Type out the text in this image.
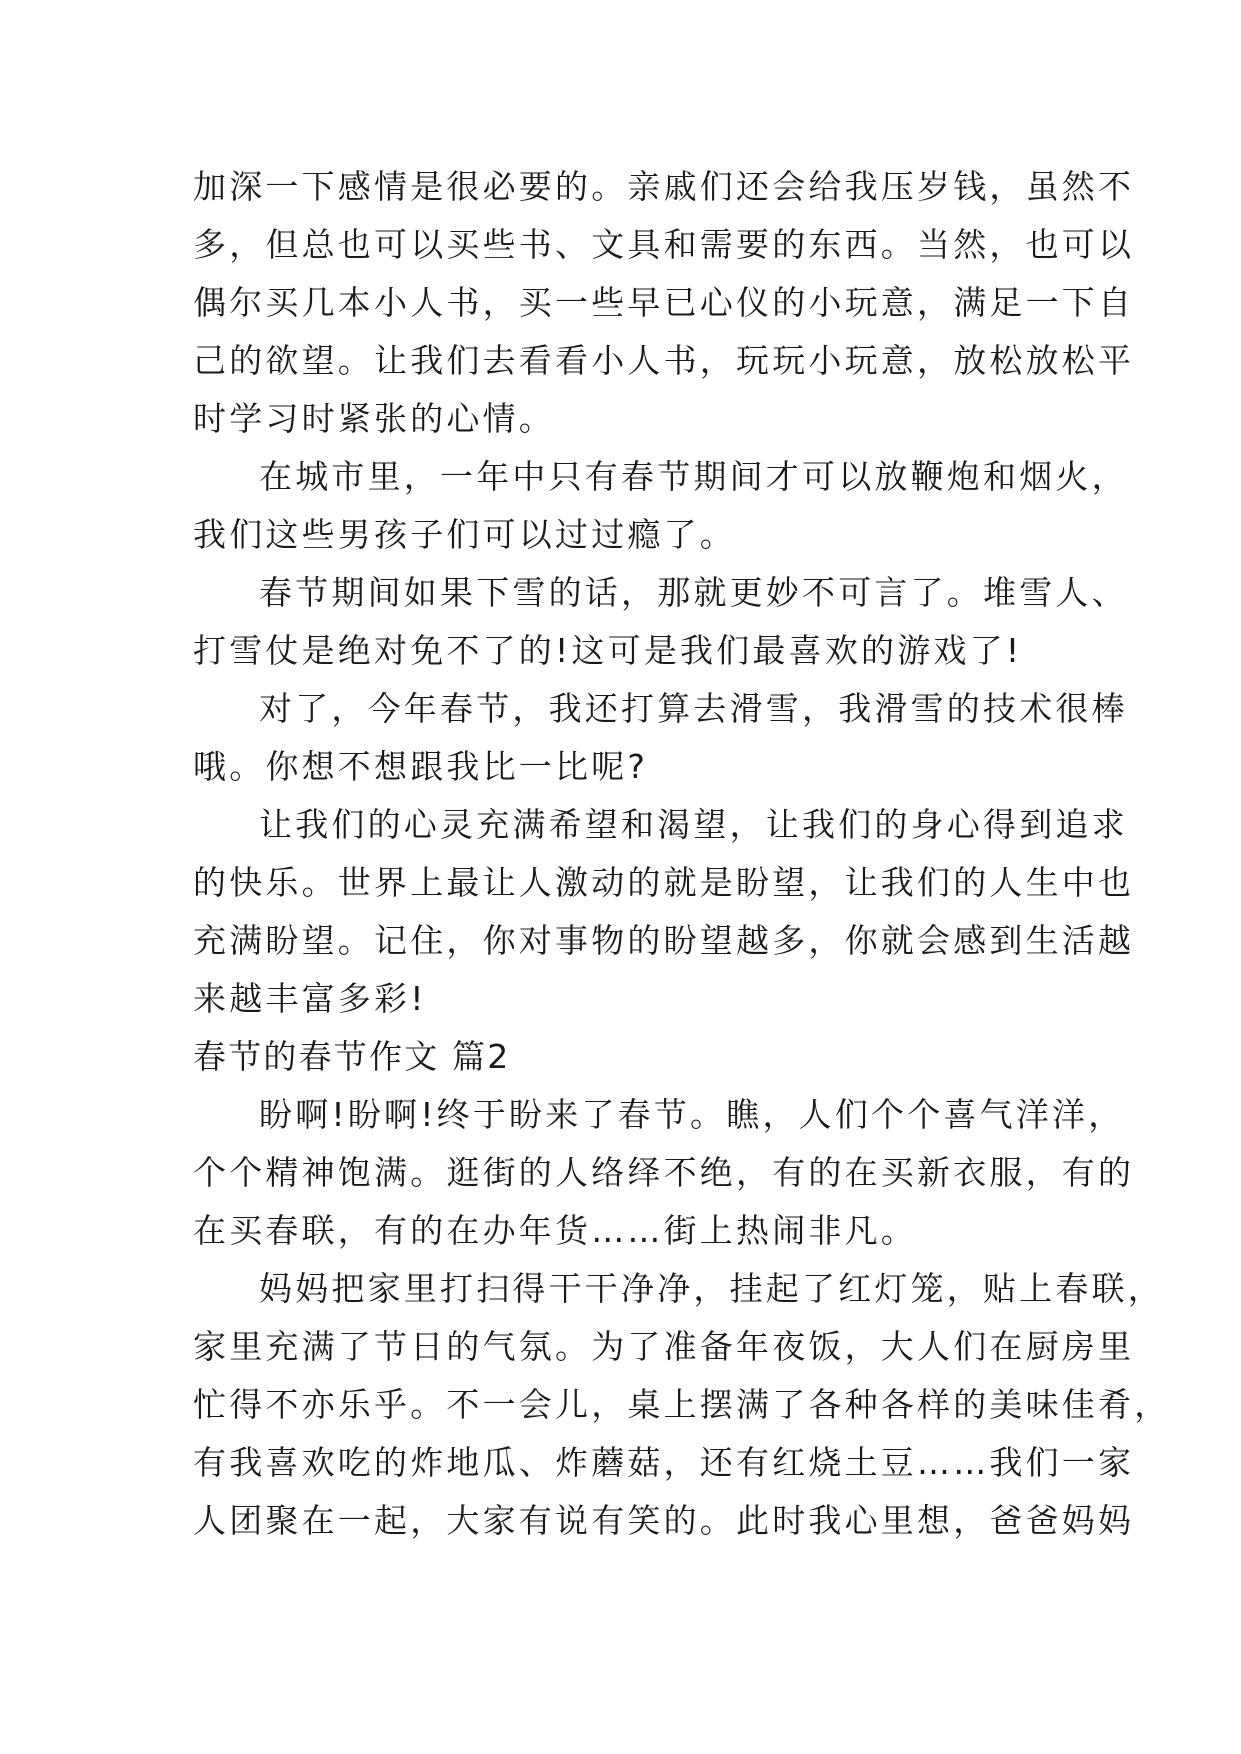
加深一下感情是很必要的。亲戚们还会给我压岁钱，虽然不
多，但总也可以买些书、文具和需要的东西。当然，也可以
偶尔买几本小人书，买一些早已心仪的小玩意，满足一下自
己的欲望。让我们去看看小人书，玩玩小玩意，放松放松平
时学习时紧张的心情。
在城市里，一年中只有春节期间才可以放鞭炮和烟火，
我们这些男孩子们可以过过瘾了。
春节期间如果下雪的话，那就更妙不可言了。堆雪人、
打雪仗是绝对免不了的!这可是我们最喜欢的游戏了!
对了，今年春节，我还打算去滑雪，我滑雪的技术很棒
哦。你想不想跟我比一比呢?
让我们的心灵充满希望和渴望，让我们的身心得到追求
的快乐。世界上最让人激动的就是盼望，让我们的人生中也
充满盼望。记住，你对事物的盼望越多，你就会感到生活越
来越丰富多彩!
春节的春节作文 篇2
盼啊!盼啊!终于盼来了春节。瞧，人们个个喜气洋洋，
个个精神饱满。逛街的人络绎不绝，有的在买新衣服，有的
在买春联，有的在办年货……街上热闹非凡。
妈妈把家里打扫得干干净净，挂起了红灯笼，贴上春联，
家里充满了节日的气氛。为了准备年夜饭，大人们在厨房里
忙得不亦乐乎。不一会儿，桌上摆满了各种各样的美味佳肴，
有我喜欢吃的炸地瓜、炸蘑菇，还有红烧土豆……我们一家
人团聚在一起，大家有说有笑的。此时我心里想，爸爸妈妈
